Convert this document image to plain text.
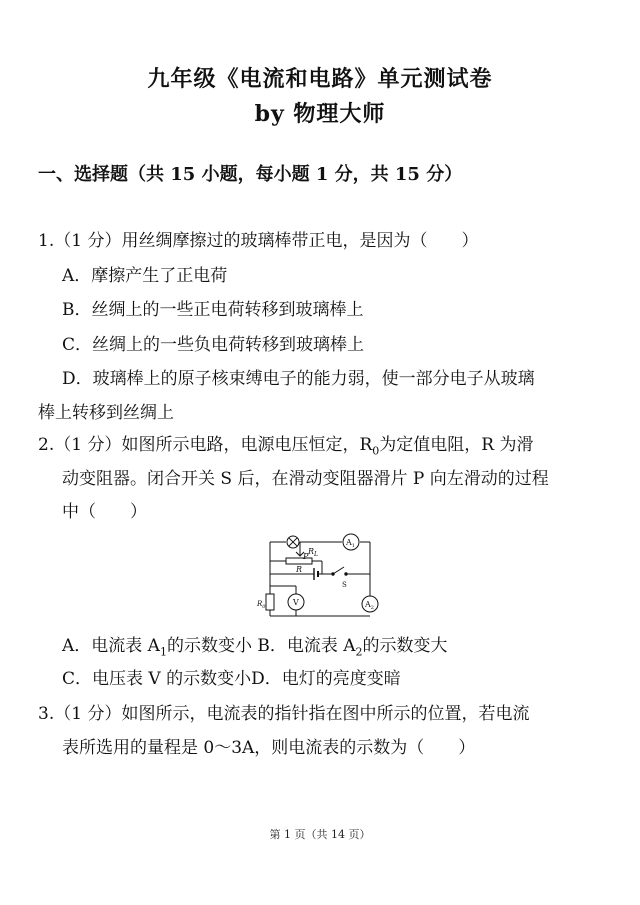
九年级《电流和电路》单元测试卷
by 物理大师
一、选择题（共 15 小题，每小题 1 分，共 15 分）
1.（1 分）用丝绸摩擦过的玻璃棒带正电，是因为（　　）
A．摩擦产生了正电荷
B．丝绸上的一些正电荷转移到玻璃棒上
C．丝绸上的一些负电荷转移到玻璃棒上
D．玻璃棒上的原子核束缚电子的能力弱，使一部分电子从玻璃
棒上转移到丝绸上
2.（1 分）如图所示电路，电源电压恒定，$R_0$为定值电阻，R 为滑
动变阻器。闭合开关 S 后，在滑动变阻器滑片 P 向左滑动的过程
中（　　）
$R_L$
P
R
$R_0$
$A_1$
$A_2$
V
S
A．电流表 $A_1$的示数变小 B．电流表 $A_2$的示数变大
C．电压表 V 的示数变小D．电灯的亮度变暗
3.（1 分）如图所示，电流表的指针指在图中所示的位置，若电流
表所选用的量程是 0～3A，则电流表的示数为（　　）
第 1 页（共 14 页）
